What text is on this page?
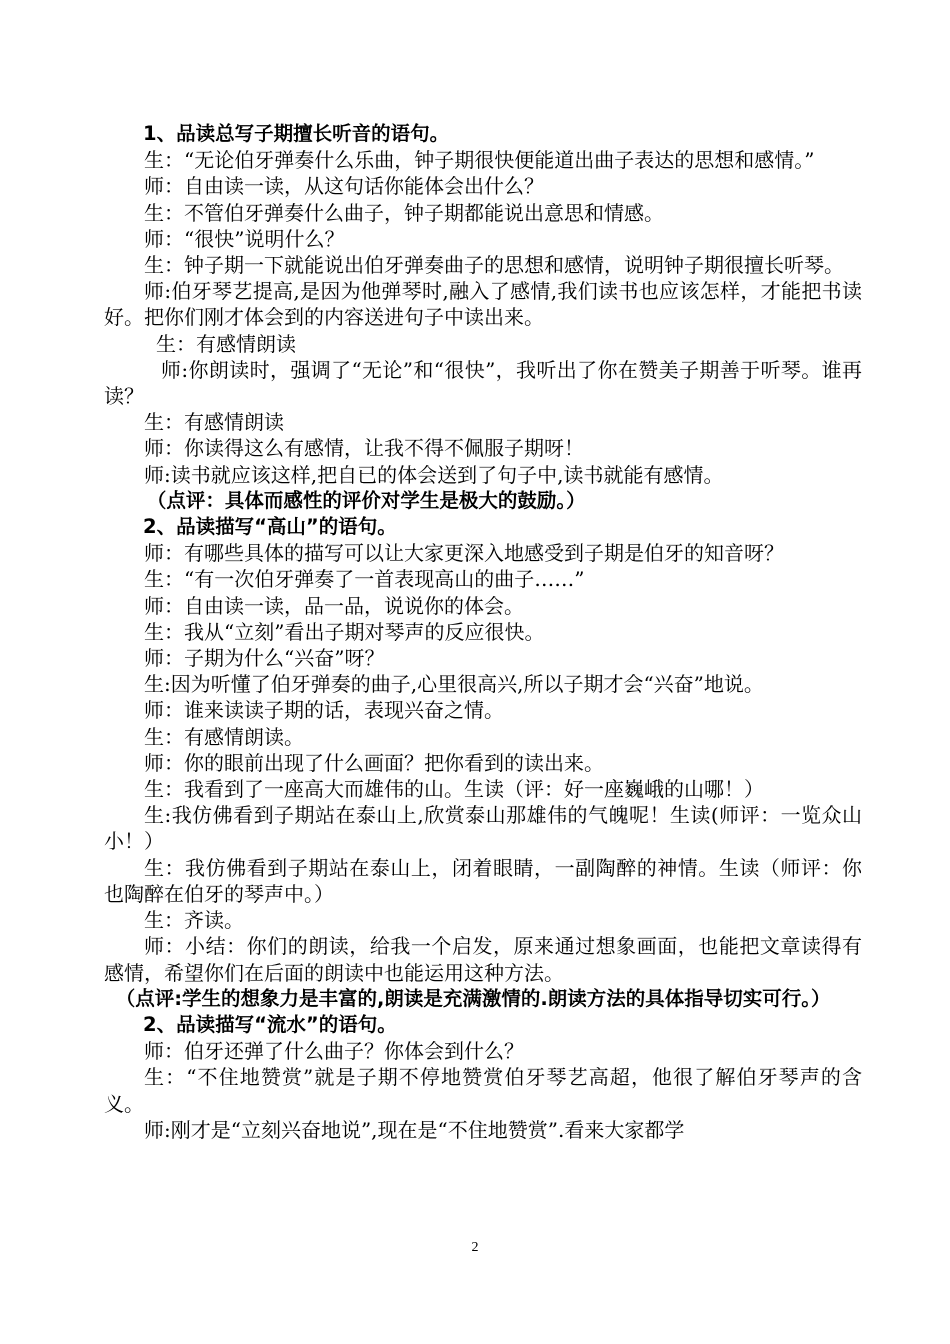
1、品读总写子期擅长听音的语句。

生：“无论伯牙弹奏什么乐曲，钟子期很快便能道出曲子表达的思想和感情。”

师：自由读一读，从这句话你能体会出什么？

生：不管伯牙弹奏什么曲子，钟子期都能说出意思和情感。

师：“很快”说明什么？

生：钟子期一下就能说出伯牙弹奏曲子的思想和感情，说明钟子期很擅长听琴。

师:伯牙琴艺提高,是因为他弹琴时,融入了感情,我们读书也应该怎样，才能把书读好。把你们刚才体会到的内容送进句子中读出来。

生：有感情朗读

师:你朗读时，强调了“无论”和“很快”，我听出了你在赞美子期善于听琴。谁再读？

生：有感情朗读

师：你读得这么有感情，让我不得不佩服子期呀！

师:读书就应该这样,把自已的体会送到了句子中,读书就能有感情。

（点评：具体而感性的评价对学生是极大的鼓励。）

2、品读描写“高山”的语句。

师：有哪些具体的描写可以让大家更深入地感受到子期是伯牙的知音呀？

生：“有一次伯牙弹奏了一首表现高山的曲子……”

师：自由读一读，品一品，说说你的体会。

生：我从“立刻”看出子期对琴声的反应很快。

师：子期为什么“兴奋”呀？

生:因为听懂了伯牙弹奏的曲子,心里很高兴,所以子期才会“兴奋”地说。

师：谁来读读子期的话，表现兴奋之情。

生：有感情朗读。

师：你的眼前出现了什么画面？把你看到的读出来。

生：我看到了一座高大而雄伟的山。生读（评：好一座巍峨的山哪！）

生:我仿佛看到子期站在泰山上,欣赏泰山那雄伟的气魄呢！生读(师评：一览众山小！）

生：我仿佛看到子期站在泰山上，闭着眼睛，一副陶醉的神情。生读（师评：你也陶醉在伯牙的琴声中。）

生：齐读。

师：小结：你们的朗读，给我一个启发，原来通过想象画面，也能把文章读得有感情，希望你们在后面的朗读中也能运用这种方法。

（点评:学生的想象力是丰富的,朗读是充满激情的.朗读方法的具体指导切实可行。）

2、品读描写“流水”的语句。

师：伯牙还弹了什么曲子？你体会到什么？

生：“不住地赞赏”就是子期不停地赞赏伯牙琴艺高超，他很了解伯牙琴声的含义。

师:刚才是“立刻兴奋地说”,现在是“不住地赞赏”.看来大家都学

2
